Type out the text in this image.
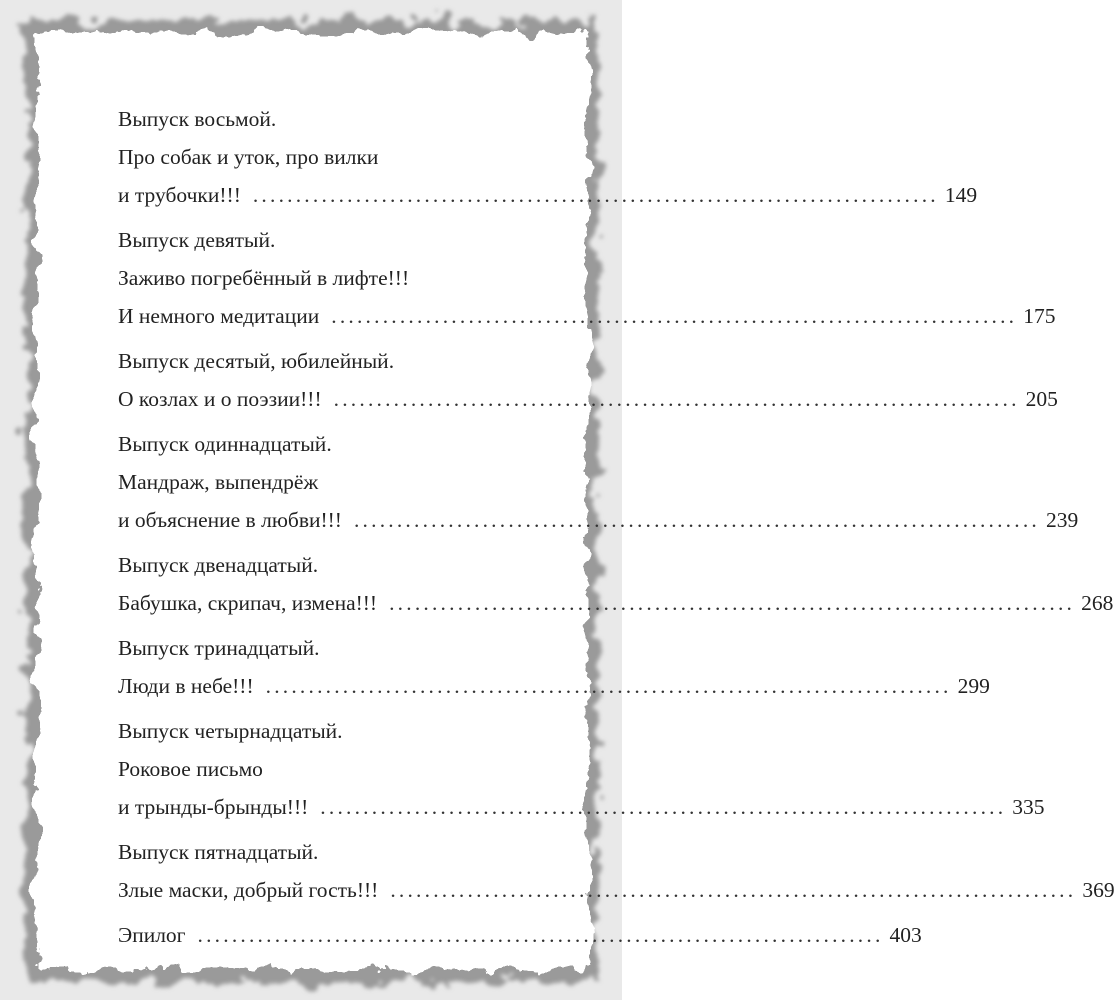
Выпуск восьмой.
Про собак и уток, про вилки
и трубочки!!! ................................................................................ 149
Выпуск девятый.
Заживо погребённый в лифте!!!
И немного медитации ................................................................................ 175
Выпуск десятый, юбилейный.
О козлах и о поэзии!!! ................................................................................ 205
Выпуск одиннадцатый.
Мандраж, выпендрёж
и объяснение в любви!!! ................................................................................ 239
Выпуск двенадцатый.
Бабушка, скрипач, измена!!! ................................................................................ 268
Выпуск тринадцатый.
Люди в небе!!! ................................................................................ 299
Выпуск четырнадцатый.
Роковое письмо
и трынды-брынды!!! ................................................................................ 335
Выпуск пятнадцатый.
Злые маски, добрый гость!!! ................................................................................ 369
Эпилог ................................................................................ 403
